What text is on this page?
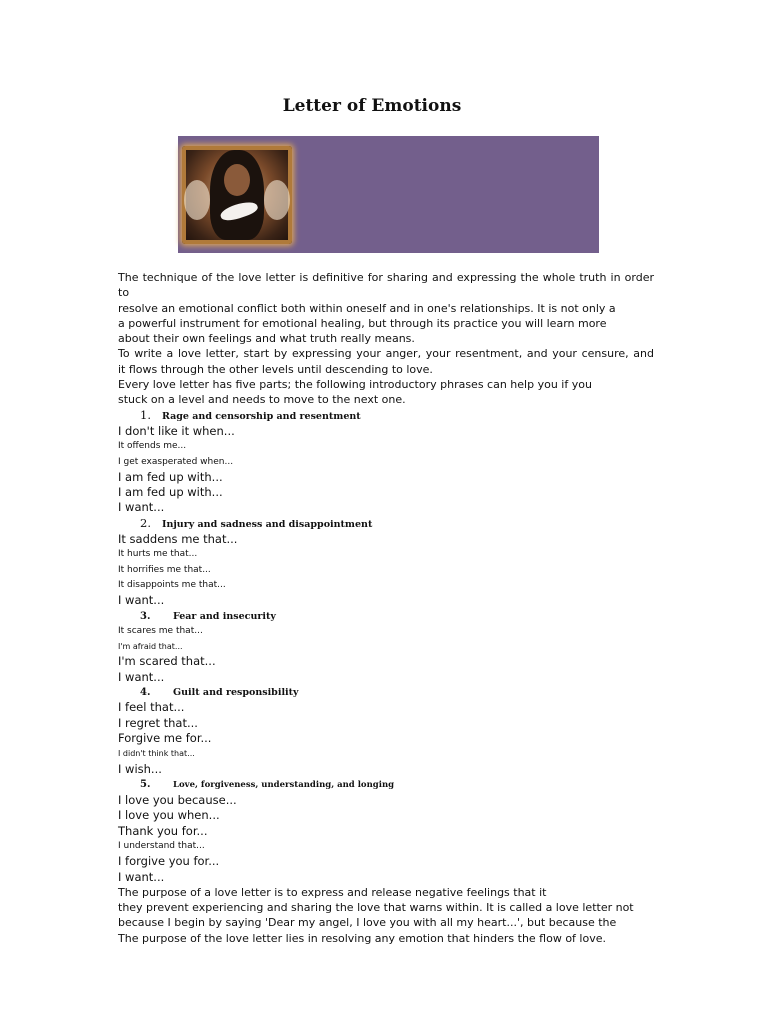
Letter of Emotions

The technique of the love letter is definitive for sharing and expressing the whole truth in order to

resolve an emotional conflict both within oneself and in one's relationships. It is not only a

a powerful instrument for emotional healing, but through its practice you will learn more

about their own feelings and what truth really means.

To write a love letter, start by expressing your anger, your resentment, and your censure, and

it flows through the other levels until descending to love.

Every love letter has five parts; the following introductory phrases can help you if you

stuck on a level and needs to move to the next one.

1. Rage and censorship and resentment

I don't like it when...

It offends me...

I get exasperated when...

I am fed up with...

I am fed up with...

I want...

2. Injury and sadness and disappointment

It saddens me that...

It hurts me that...

It horrifies me that...

It disappoints me that...

I want...

3. Fear and insecurity

It scares me that...

I'm afraid that...

I'm scared that...

I want...

4. Guilt and responsibility

I feel that...

I regret that...

Forgive me for...

I didn't think that...

I wish...

5.	Love, forgiveness, understanding, and longing

I love you because...

I love you when...

Thank you for...

I understand that...

I forgive you for...

I want...

The purpose of a love letter is to express and release negative feelings that it

they prevent experiencing and sharing the love that warns within. It is called a love letter not

because I begin by saying 'Dear my angel, I love you with all my heart...', but because the

The purpose of the love letter lies in resolving any emotion that hinders the flow of love.
